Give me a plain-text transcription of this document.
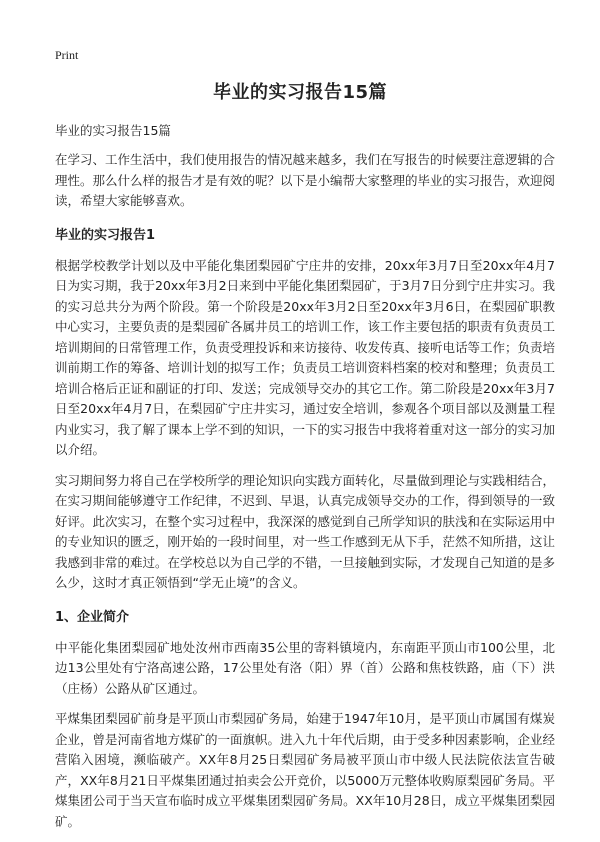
Print
毕业的实习报告15篇
毕业的实习报告15篇

在学习、工作生活中，我们使用报告的情况越来越多，我们在写报告的时候要注意逻辑的合理性。那么什么样的报告才是有效的呢？以下是小编帮大家整理的毕业的实习报告，欢迎阅读，希望大家能够喜欢。

毕业的实习报告1

根据学校教学计划以及中平能化集团梨园矿宁庄井的安排，20xx年3月7日至20xx年4月7日为实习期，我于20xx年3月2日来到中平能化集团梨园矿，于3月7日分到宁庄井实习。我的实习总共分为两个阶段。第一个阶段是20xx年3月2日至20xx年3月6日，在梨园矿职教中心实习，主要负责的是梨园矿各属井员工的培训工作，该工作主要包括的职责有负责员工培训期间的日常管理工作，负责受理投诉和来访接待、收发传真、接听电话等工作；负责培训前期工作的筹备、培训计划的拟写工作；负责员工培训资料档案的校对和整理；负责员工培训合格后正证和副证的打印、发送；完成领导交办的其它工作。第二阶段是20xx年3月7日至20xx年4月7日，在梨园矿宁庄井实习，通过安全培训，参观各个项目部以及测量工程内业实习，我了解了课本上学不到的知识，一下的实习报告中我将着重对这一部分的实习加以介绍。

实习期间努力将自己在学校所学的理论知识向实践方面转化，尽量做到理论与实践相结合，在实习期间能够遵守工作纪律，不迟到、早退，认真完成领导交办的工作，得到领导的一致好评。此次实习，在整个实习过程中，我深深的感觉到自己所学知识的肤浅和在实际运用中的专业知识的匮乏，刚开始的一段时间里，对一些工作感到无从下手，茫然不知所措，这让我感到非常的难过。在学校总以为自己学的不错，一旦接触到实际，才发现自己知道的是多么少，这时才真正领悟到“学无止境”的含义。

1、企业简介

中平能化集团梨园矿地处汝州市西南35公里的寄料镇境内，东南距平顶山市100公里，北边13公里处有宁洛高速公路，17公里处有洛（阳）界（首）公路和焦枝铁路，庙（下）洪（庄杨）公路从矿区通过。

平煤集团梨园矿前身是平顶山市梨园矿务局，始建于1947年10月，是平顶山市属国有煤炭企业，曾是河南省地方煤矿的一面旗帜。进入九十年代后期，由于受多种因素影响，企业经营陷入困境，濒临破产。XX年8月25日梨园矿务局被平顶山市中级人民法院依法宣告破产，XX年8月21日平煤集团通过拍卖会公开竞价，以5000万元整体收购原梨园矿务局。平煤集团公司于当天宣布临时成立平煤集团梨园矿务局。XX年10月28日，成立平煤集团梨园矿。
